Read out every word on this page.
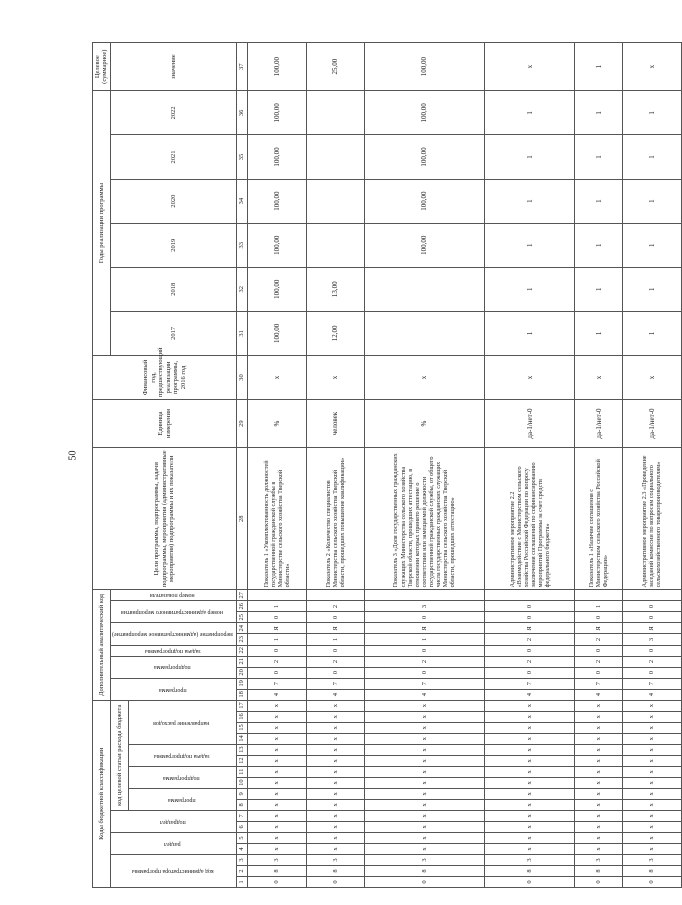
50
Коды бюджетной классификации																	Дополнительный аналитический код										Цели программы, подпрограммы, задачи подпрограммы, мероприятия (административные мероприятия) подпрограммы и их показатели	Единица измерения	Финансовый год, предшествующий реализации программы, 2016 год	Годы реализации программы						Целевое (суммарное)
код администратора программы			раздел		подраздел		код целевой статьи расхода бюджета										программа		подпрограмма		задача подпрограммы	мероприятие (административное мероприятие)		номер административного мероприятия		номер показателя				2017	2018	2019	2020	2021	2022	значение
							программа		подпрограмма		задача подпрограммы		направление расходов																							
1	2	3	4	5	6	7	8	9	10	11	12	13	14	15	16	17	18	19	20	21	22	23	24	25	26	27	28	29	30	31	32	33	34	35	36	37
0	8	3	х	х	х	х	х	х	х	х	х	х	х	х	х	х	4	7	0	2	0	1	Я	0	1		Показатель 1 «Укомплектованность должностей государственной гражданской службы в Министерстве сельского хозяйства Тверской области»	%	х	100,00	100,00	100,00	100,00	100,00	100,00	100,00
0	8	3	х	х	х	х	х	х	х	х	х	х	х	х	х	х	4	7	0	2	0	1	Я	0	2		Показатель 2 «Количество специалистов Министерства сельского хозяйства Тверской области, прошедших повышение квалификации»	человек	х	12,00	13,00					25,00
0	8	3	х	х	х	х	х	х	х	х	х	х	х	х	х	х	4	7	0	2	0	1	Я	0	3		Показатель 3 «Доля государственных гражданских служащих Министерства сельского хозяйства Тверской области, прошедших аттестацию, в отношении которых принято решение о соответствии или замещаемой должности государственной гражданской службы, от общего числа государственных гражданских служащих Министерства сельского хозяйства Тверской области, прошедших аттестацию»	%	х			100,00	100,00	100,00	100,00	100,00
0	8	3	х	х	х	х	х	х	х	х	х	х	х	х	х	х	4	7	0	2	0	2	Я	0	0		Административное мероприятие 2.2 «Взаимодействие с Министерством сельского хозяйства Российской Федерации по вопросу заключения соглашений по софинансированию мероприятий Программы за счет средств федерального бюджета»	да-1/нет-0	х	1	1	1	1	1	1	х
0	8	3	х	х	х	х	х	х	х	х	х	х	х	х	х	х	4	7	0	2	0	2	Я	0	1		Показатель 1 «Наличие соглашения с Министерством сельского хозяйства Российской Федерации»	да-1/нет-0	х	1	1	1	1	1	1	1
0	8	3	х	х	х	х	х	х	х	х	х	х	х	х	х	х	4	7	0	2	0	3	Я	0	0		Административное мероприятие 2.3 «Проведение заседаний комиссии по вопросам социального сельскохозяйственного товаропроизводителям»	да-1/нет-0	х	1	1	1	1	1	1	х
